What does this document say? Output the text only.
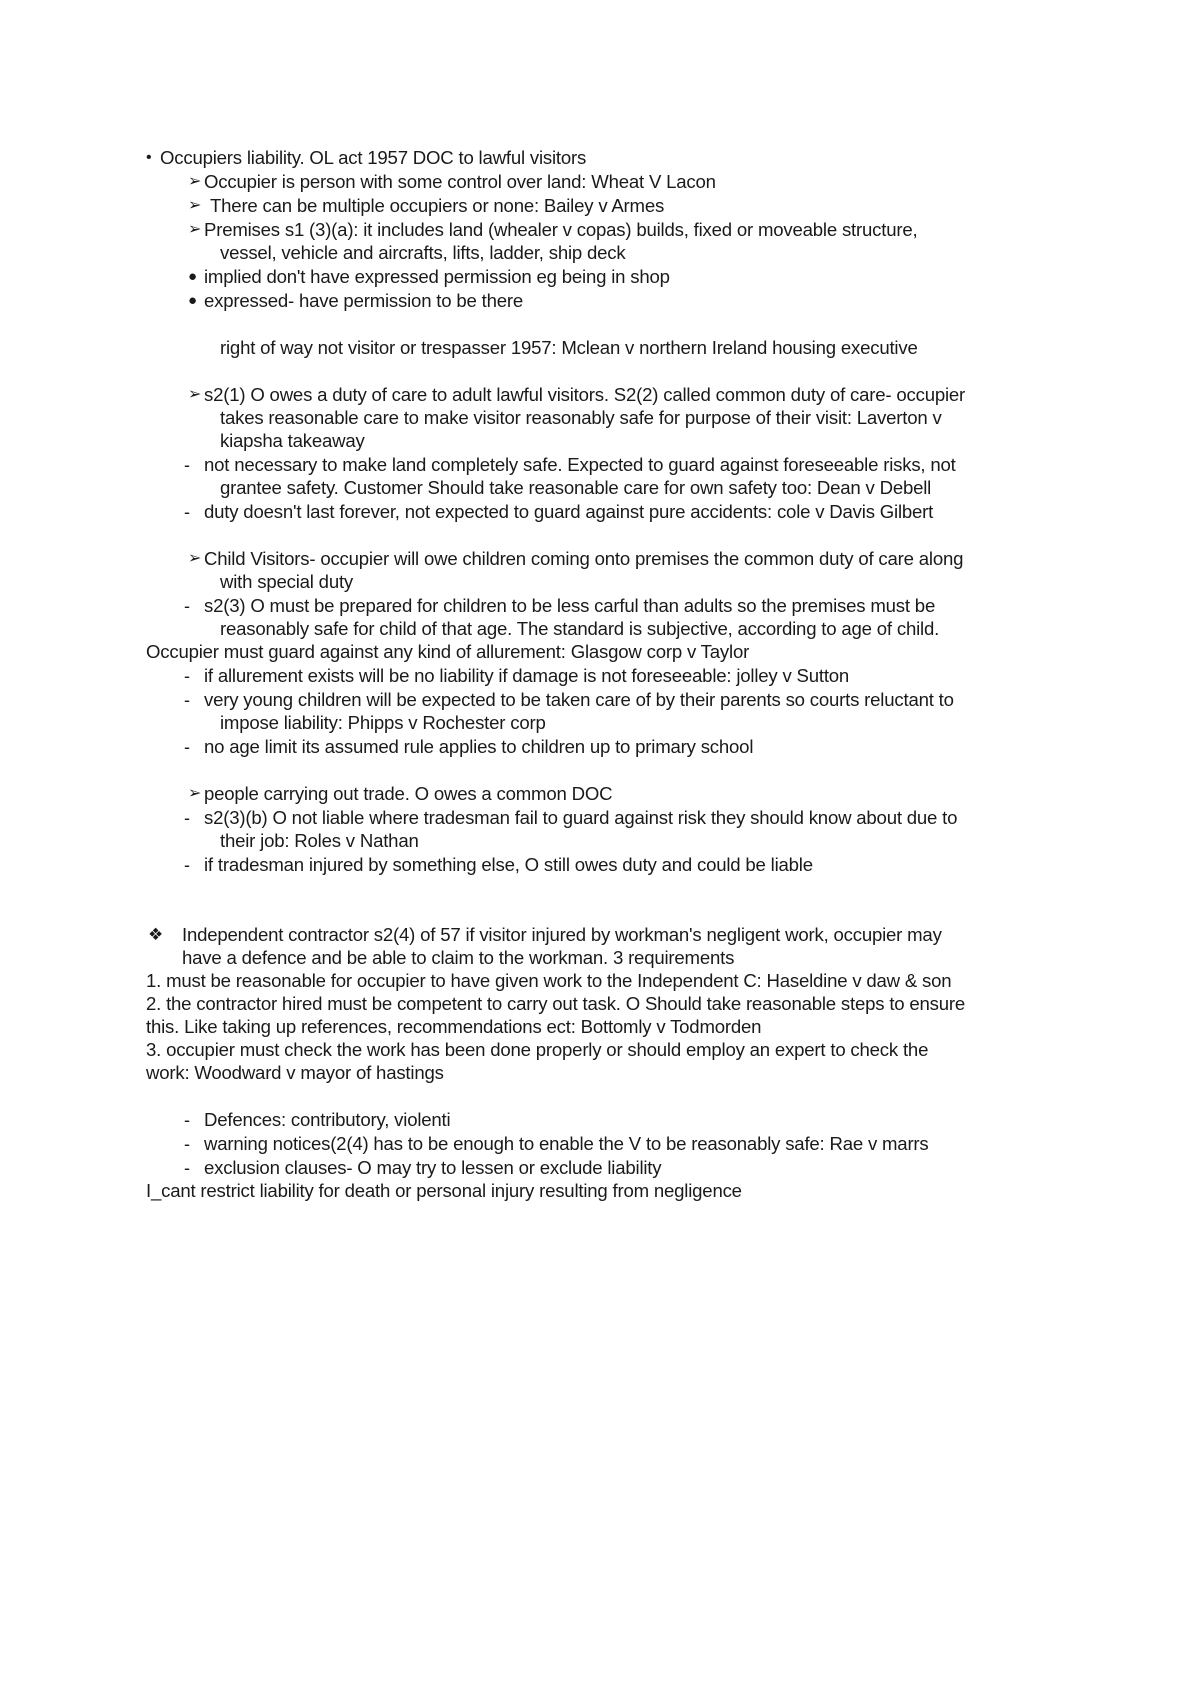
• Occupiers liability. OL act 1957 DOC to lawful visitors
➢ Occupier is person with some control over land: Wheat V Lacon
➢ There can be multiple occupiers or none: Bailey v Armes
➢ Premises s1 (3)(a): it includes land (whealer v copas) builds, fixed or moveable structure,
vessel, vehicle and aircrafts, lifts, ladder, ship deck
● implied don't have expressed permission eg being in shop
● expressed- have permission to be there
right of way not visitor or trespasser 1957: Mclean v northern Ireland housing executive
➢ s2(1) O owes a duty of care to adult lawful visitors. S2(2) called common duty of care- occupier
takes reasonable care to make visitor reasonably safe for purpose of their visit: Laverton v
kiapsha takeaway
- not necessary to make land completely safe. Expected to guard against foreseeable risks, not
grantee safety. Customer Should take reasonable care for own safety too: Dean v Debell
- duty doesn't last forever, not expected to guard against pure accidents: cole v Davis Gilbert
➢ Child Visitors- occupier will owe children coming onto premises the common duty of care along
with special duty
- s2(3) O must be prepared for children to be less carful than adults so the premises must be
reasonably safe for child of that age. The standard is subjective, according to age of child.
Occupier must guard against any kind of allurement: Glasgow corp v Taylor
- if allurement exists will be no liability if damage is not foreseeable: jolley v Sutton
- very young children will be expected to be taken care of by their parents so courts reluctant to
impose liability: Phipps v Rochester corp
- no age limit its assumed rule applies to children up to primary school
➢ people carrying out trade. O owes a common DOC
- s2(3)(b) O not liable where tradesman fail to guard against risk they should know about due to
their job: Roles v Nathan
- if tradesman injured by something else, O still owes duty and could be liable
❖ Independent contractor s2(4) of 57 if visitor injured by workman's negligent work, occupier may
have a defence and be able to claim to the workman. 3 requirements
1. must be reasonable for occupier to have given work to the Independent C: Haseldine v daw & son
2. the contractor hired must be competent to carry out task. O Should take reasonable steps to ensure
this. Like taking up references, recommendations ect: Bottomly v Todmorden
3. occupier must check the work has been done properly or should employ an expert to check the
work: Woodward v mayor of hastings
- Defences: contributory, violenti
- warning notices(2(4) has to be enough to enable the V to be reasonably safe: Rae v marrs
- exclusion clauses- O may try to lessen or exclude liability
I_cant restrict liability for death or personal injury resulting from negligence
